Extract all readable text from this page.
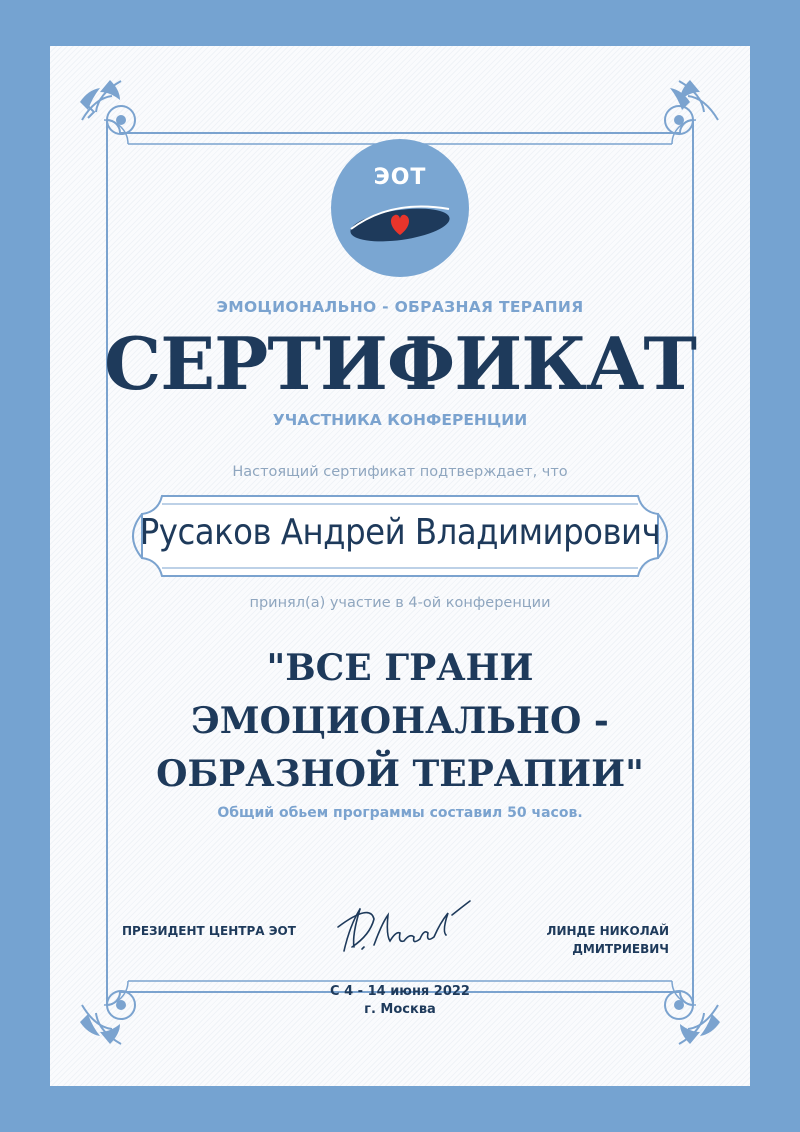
ЭОТ
ЭМОЦИОНАЛЬНО - ОБРАЗНАЯ ТЕРАПИЯ
СЕРТИФИКАТ
УЧАСТНИКА КОНФЕРЕНЦИИ
Настоящий сертификат подтверждает, что
Русаков Андрей Владимирович
принял(а) участие в 4-ой конференции
"ВСЕ ГРАНИ
ЭМОЦИОНАЛЬНО -
ОБРАЗНОЙ ТЕРАПИИ"
Общий обьем программы составил 50 часов.
ПРЕЗИДЕНТ ЦЕНТРА ЭОТ	ЛИНДЕ НИКОЛАЙ
ДМИТРИЕВИЧ
С 4 - 14 июня 2022
г. Москва
